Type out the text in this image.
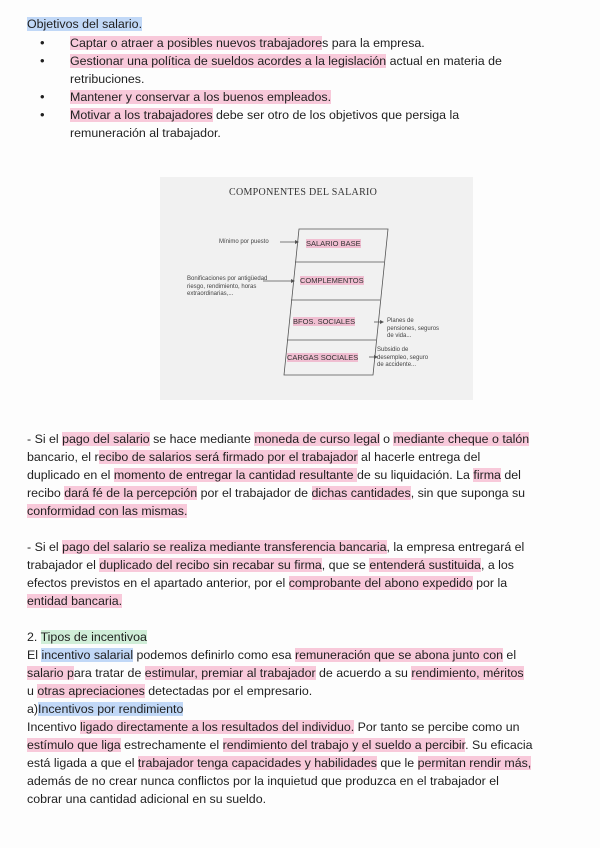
Objetivos del salario.
• Captar o atraer a posibles nuevos trabajadores para la empresa.
• Gestionar una política de sueldos acordes a la legislación actual en materia de
retribuciones.
• Mantener y conservar a los buenos empleados.
• Motivar a los trabajadores debe ser otro de los objetivos que persiga la
remuneración al trabajador.
COMPONENTES DEL SALARIO
Mínimo por puesto
Bonificaciones por antigüedad
riesgo, rendimiento, horas
extraordinarias,...
SALARIO BASE
COMPLEMENTOS
BFOS. SOCIALES
CARGAS SOCIALES
Planes de
pensiones, seguros
de vida...
Subsidio de
desempleo, seguro
de accidente...
- Si el pago del salario se hace mediante moneda de curso legal o mediante cheque o talón
bancario, el recibo de salarios será firmado por el trabajador al hacerle entrega del
duplicado en el momento de entregar la cantidad resultante de su liquidación. La firma del
recibo dará fé de la percepción por el trabajador de dichas cantidades, sin que suponga su
conformidad con las mismas.
- Si el pago del salario se realiza mediante transferencia bancaria, la empresa entregará el
trabajador el duplicado del recibo sin recabar su firma, que se entenderá sustituida, a los
efectos previstos en el apartado anterior, por el comprobante del abono expedido por la
entidad bancaria.
2. Tipos de incentivoa
El incentivo salarial podemos definirlo como esa remuneración que se abona junto con el
salario para tratar de estimular, premiar al trabajador de acuerdo a su rendimiento, méritos
u otras apreciaciones detectadas por el empresario.
a)Incentivos por rendimiento
Incentivo ligado directamente a los resultados del individuo. Por tanto se percibe como un
estímulo que liga estrechamente el rendimiento del trabajo y el sueldo a percibir. Su eficacia
está ligada a que el trabajador tenga capacidades y habilidades que le permitan rendir más,
además de no crear nunca conflictos por la inquietud que produzca en el trabajador el
cobrar una cantidad adicional en su sueldo.
